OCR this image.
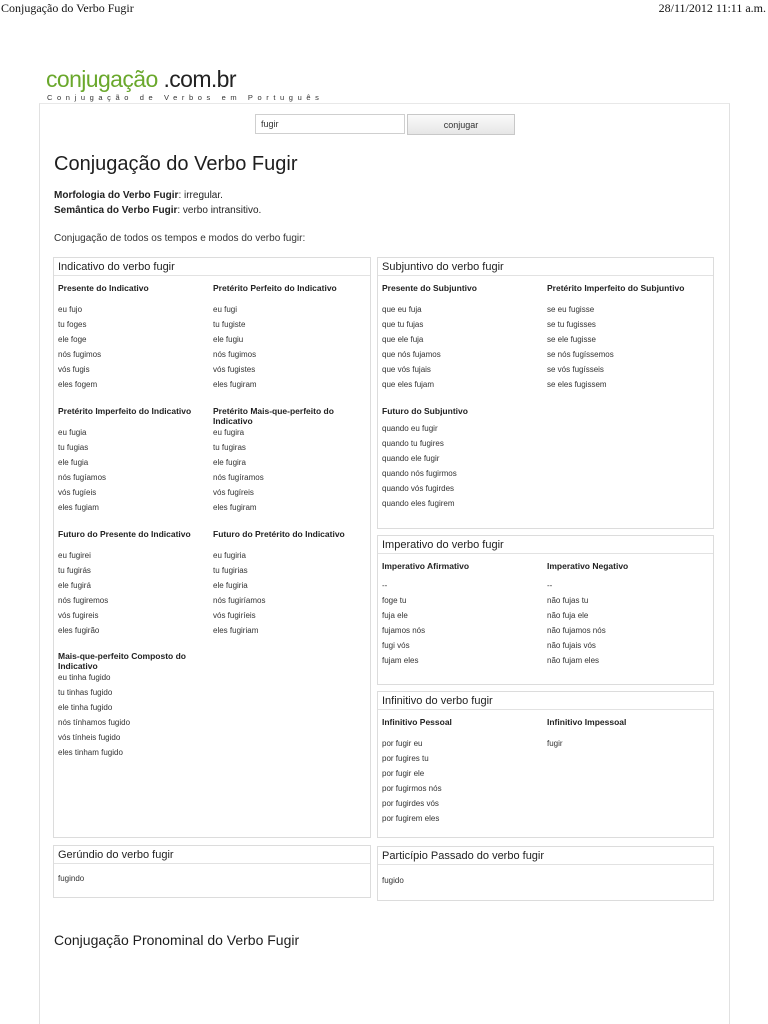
Conjugação do Verbo Fugir	28/11/2012 11:11 a.m.
conjugação .com.br
Conjugação de Verbos em Português
fugir
conjugar
Conjugação do Verbo Fugir
Morfologia do Verbo Fugir: irregular.
Semântica do Verbo Fugir: verbo intransitivo.
Conjugação de todos os tempos e modos do verbo fugir:
Indicativo do verbo fugir
Presente do Indicativo
eu fujo
tu foges
ele foge
nós fugimos
vós fugis
eles fogem
Pretérito Perfeito do Indicativo
eu fugi
tu fugiste
ele fugiu
nós fugimos
vós fugistes
eles fugiram
Pretérito Imperfeito do Indicativo
eu fugia
tu fugias
ele fugia
nós fugíamos
vós fugíeis
eles fugiam
Pretérito Mais-que-perfeito do Indicativo
eu fugira
tu fugiras
ele fugira
nós fugíramos
vós fugíreis
eles fugiram
Futuro do Presente do Indicativo
eu fugirei
tu fugirás
ele fugirá
nós fugiremos
vós fugireis
eles fugirão
Futuro do Pretérito do Indicativo
eu fugiria
tu fugirias
ele fugiria
nós fugiríamos
vós fugiríeis
eles fugiriam
Mais-que-perfeito Composto do Indicativo
eu tinha fugido
tu tinhas fugido
ele tinha fugido
nós tínhamos fugido
vós tínheis fugido
eles tinham fugido
Subjuntivo do verbo fugir
Presente do Subjuntivo
que eu fuja
que tu fujas
que ele fuja
que nós fujamos
que vós fujais
que eles fujam
Pretérito Imperfeito do Subjuntivo
se eu fugisse
se tu fugisses
se ele fugisse
se nós fugíssemos
se vós fugísseis
se eles fugissem
Futuro do Subjuntivo
quando eu fugir
quando tu fugires
quando ele fugir
quando nós fugirmos
quando vós fugirdes
quando eles fugirem
Imperativo do verbo fugir
Imperativo Afirmativo
--
foge tu
fuja ele
fujamos nós
fugi vós
fujam eles
Imperativo Negativo
--
não fujas tu
não fuja ele
não fujamos nós
não fujais vós
não fujam eles
Infinitivo do verbo fugir
Infinitivo Pessoal
por fugir eu
por fugires tu
por fugir ele
por fugirmos nós
por fugirdes vós
por fugirem eles
Infinitivo Impessoal
fugir
Gerúndio do verbo fugir
fugindo
Particípio Passado do verbo fugir
fugido
Conjugação Pronominal do Verbo Fugir
